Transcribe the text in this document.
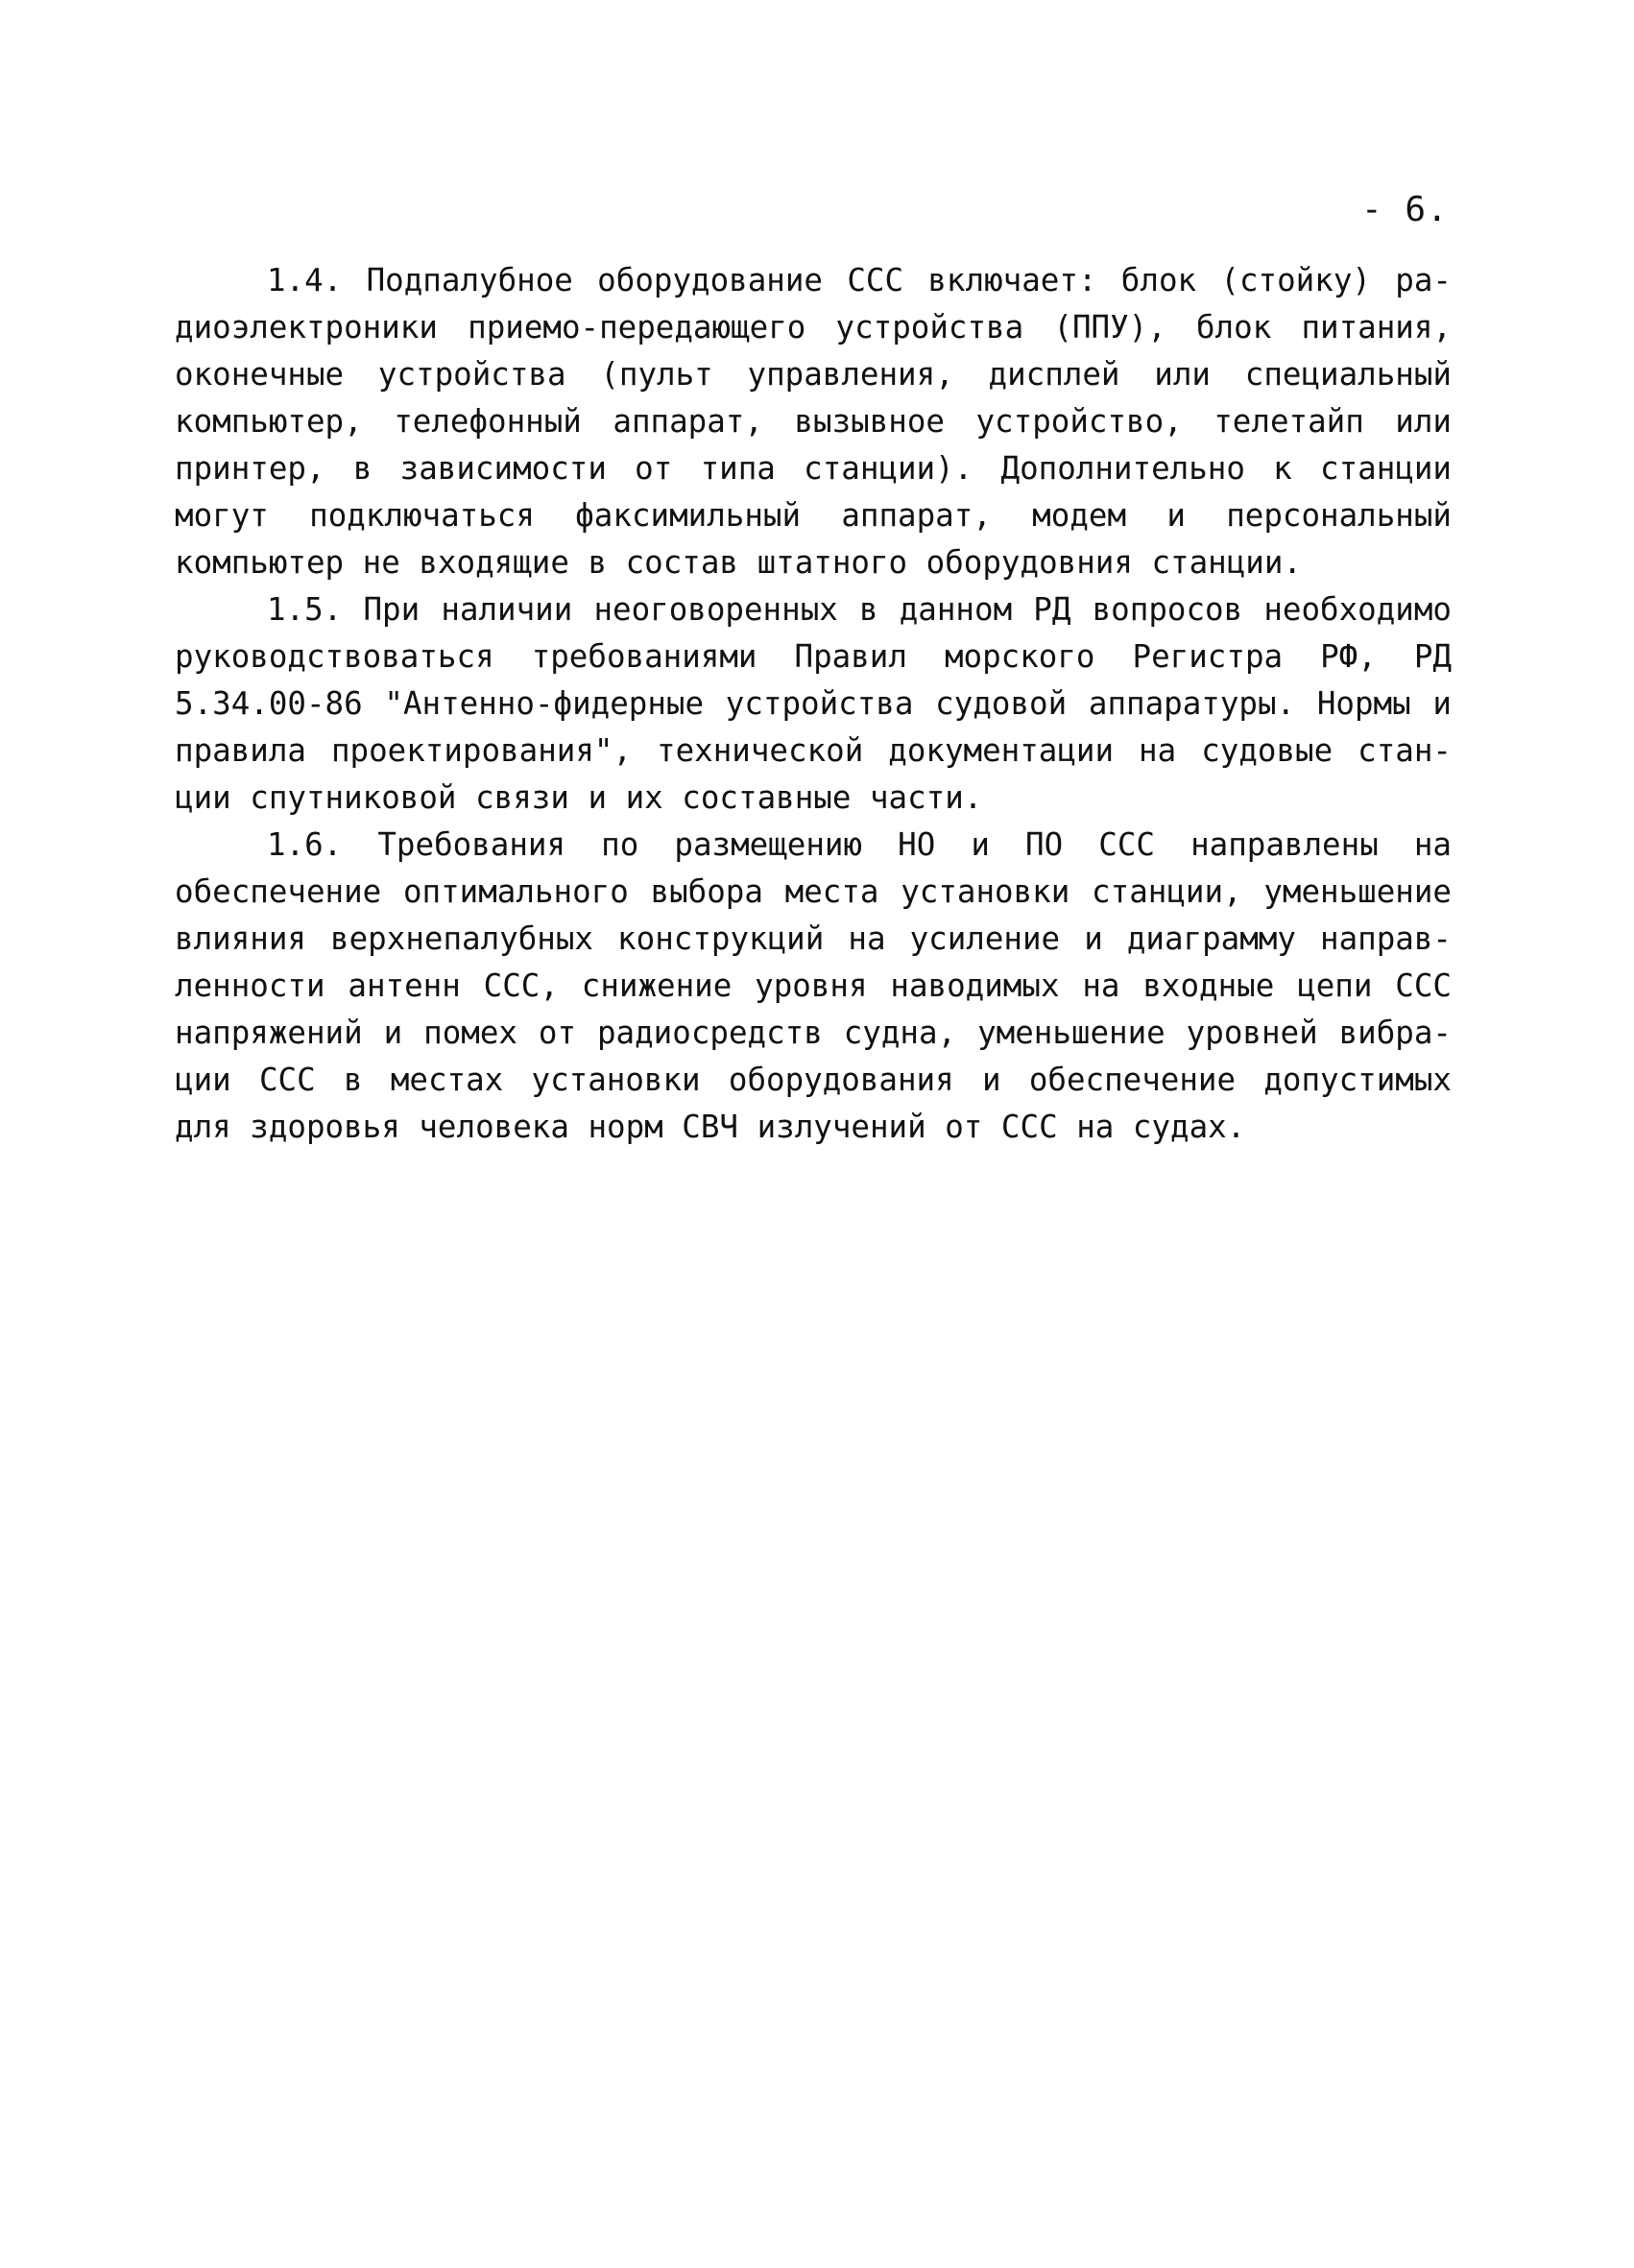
- 6.
1.4. Подпалубное оборудование ССС включает: блок (стойку) ра-
диоэлектроники приемо-передающего устройства (ППУ), блок питания,
оконечные устройства (пульт управления, дисплей или специальный
компьютер, телефонный аппарат, вызывное устройство, телетайп или
принтер, в зависимости от типа станции). Дополнительно к станции
могут подключаться факсимильный аппарат, модем и персональный
компьютер не входящие в состав штатного оборудовния станции.
1.5. При наличии неоговоренных в данном РД вопросов необходимо
руководствоваться требованиями Правил морского Регистра РФ, РД
5.34.00-86 "Антенно-фидерные устройства судовой аппаратуры. Нормы и
правила проектирования", технической документации на судовые стан-
ции спутниковой связи и их составные части.
1.6. Требования по размещению НО и ПО ССС направлены на
обеспечение оптимального выбора места установки станции, уменьшение
влияния верхнепалубных конструкций на усиление и диаграмму направ-
ленности антенн ССС, снижение уровня наводимых на входные цепи ССС
напряжений и помех от радиосредств судна, уменьшение уровней вибра-
ции ССС в местах установки оборудования и обеспечение допустимых
для здоровья человека норм СВЧ излучений от ССС на судах.
